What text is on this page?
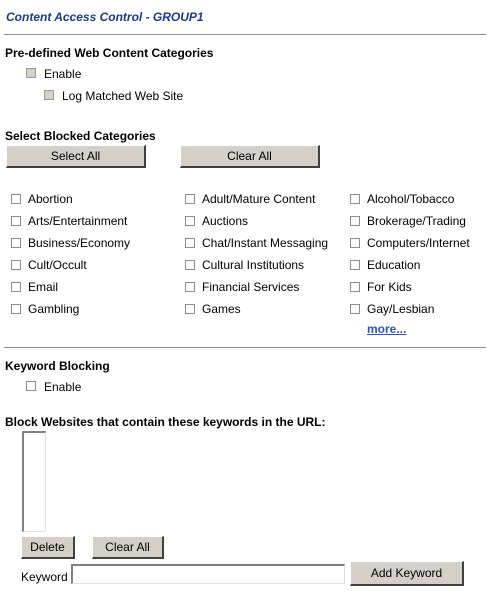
Content Access Control - GROUP1
Pre-defined Web Content Categories
Enable
Log Matched Web Site
Select Blocked Categories
Select All	Clear All
Abortion	Adult/Mature Content	Alcohol/Tobacco
Arts/Entertainment	Auctions	Brokerage/Trading
Business/Economy	Chat/Instant Messaging	Computers/Internet
Cult/Occult	Cultural Institutions	Education
Email	Financial Services	For Kids
Gambling	Games	Gay/Lesbian
more...
Keyword Blocking
Enable
Block Websites that contain these keywords in the URL:
Delete	Clear All
Keyword	Add Keyword
